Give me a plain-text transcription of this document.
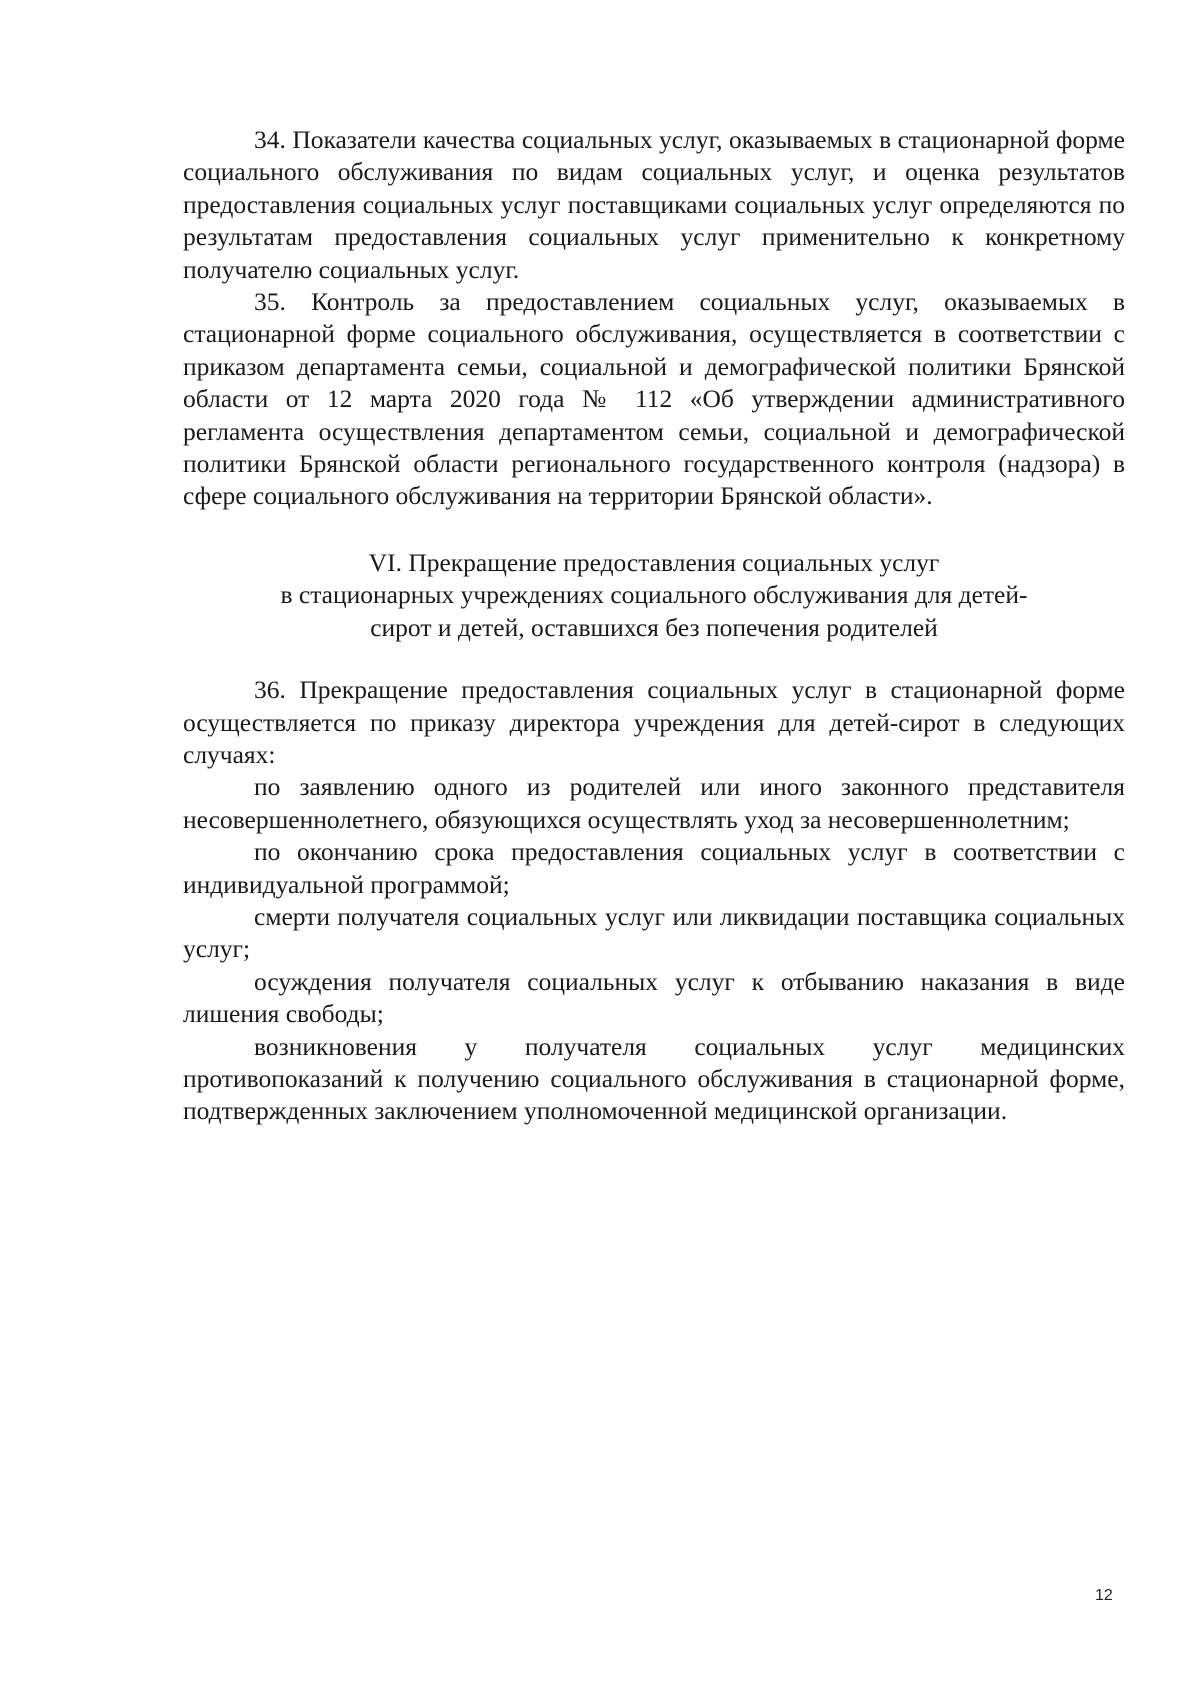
34. Показатели качества социальных услуг, оказываемых в стационарной форме социального обслуживания по видам социальных услуг, и оценка результатов предоставления социальных услуг поставщиками социальных услуг определяются по результатам предоставления социальных услуг применительно к конкретному получателю социальных услуг.

35. Контроль за предоставлением социальных услуг, оказываемых в стационарной форме социального обслуживания, осуществляется в соответствии с приказом департамента семьи, социальной и демографической политики Брянской области от 12 марта 2020 года № 112 «Об утверждении административного регламента осуществления департаментом семьи, социальной и демографической политики Брянской области регионального государственного контроля (надзора) в сфере социального обслуживания на территории Брянской области».

VI. Прекращение предоставления социальных услуг
в стационарных учреждениях социального обслуживания для детей-
сирот и детей, оставшихся без попечения родителей

36. Прекращение предоставления социальных услуг в стационарной форме осуществляется по приказу директора учреждения для детей-сирот в следующих случаях:

по заявлению одного из родителей или иного законного представителя несовершеннолетнего, обязующихся осуществлять уход за несовершеннолетним;

по окончанию срока предоставления социальных услуг в соответствии с индивидуальной программой;

смерти получателя социальных услуг или ликвидации поставщика социальных услуг;

осуждения получателя социальных услуг к отбыванию наказания в виде лишения свободы;

возникновения у получателя социальных услуг медицинских противопоказаний к получению социального обслуживания в стационарной форме, подтвержденных заключением уполномоченной медицинской организации.

12
